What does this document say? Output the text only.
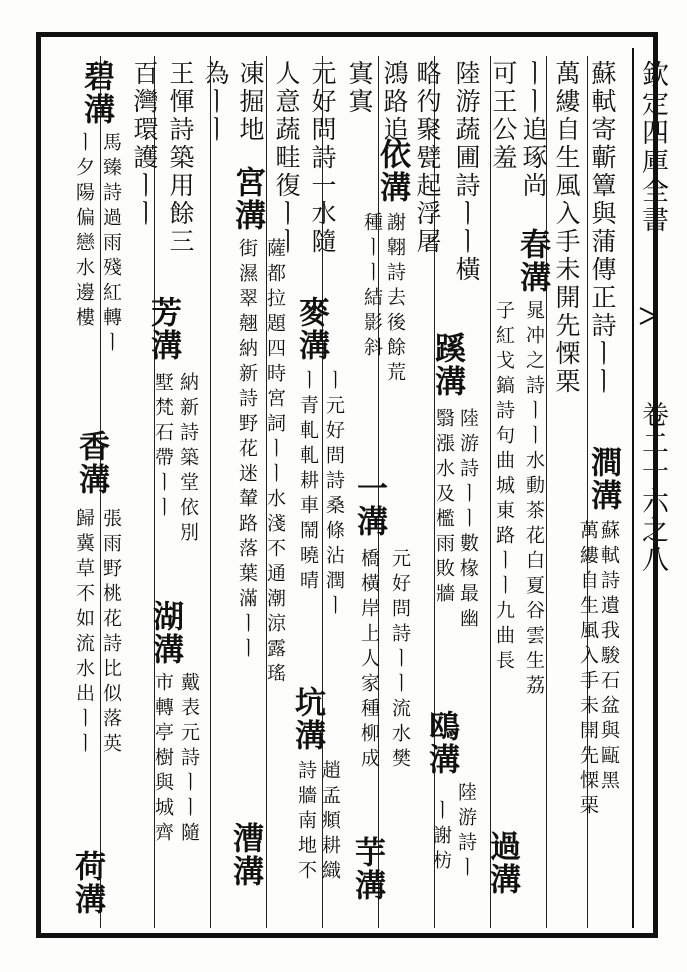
欽定四庫全書
卷二十六之八
蘇軾寄蘄簟與蒲傳正詩ㅣㅣ
澗溝
蘇軾詩遺我駿石盆與甌黑
萬縷自生風入手未開先慄栗
萬縷自生風入手未開先慄栗
ㅣㅣ追琢尚
春溝
晁冲之詩ㅣㅣ水動茶花白夏谷雲生荔
可王公羞
子紅戈鎬詩句曲城東路ㅣㅣ九曲長
過溝
陸游蔬圃詩ㅣㅣ橫
蹊溝
陸游詩ㅣㅣ數椽最幽
略彴聚甓起浮屠
翳漲水及檻雨敗牆
鴎溝
陸游詩ㅣ
ㅣ謝枋
鴻路追
依溝
謝翺詩去後餘荒
寘寘
種ㅣㅣ結影斜
一溝
元好問詩ㅣㅣ流水樊
橋橫岸上人家種柳成
芋溝
元好問詩一水隨
麥溝
ㅣ元好問詩桑條沾潤ㅣ
人意蔬畦復ㅣㅣ
ㅣ青軋軋耕車鬧曉晴
坑溝
趙孟頫耕織
詩牆南地不
凍掘地
宮溝
薩都拉題四時宮詞ㅣㅣ水淺不通潮涼露瑤
漕溝
為ㅣㅣ
街濕翠翹納新詩野花迷輦路落葉滿ㅣㅣ
王惲詩築用餘三
芳溝
納新詩築堂依別
湖溝
戴表元詩ㅣㅣ隨
百灣環護ㅣㅣ
墅梵石帶ㅣㅣ
市轉亭樹與城齊
碧溝
馬臻詩過雨殘紅轉ㅣ
香溝
張雨野桃花詩比似落英
ㅣ夕陽偏戀水邊樓
歸冀草不如流水出ㅣㅣ
荷溝
